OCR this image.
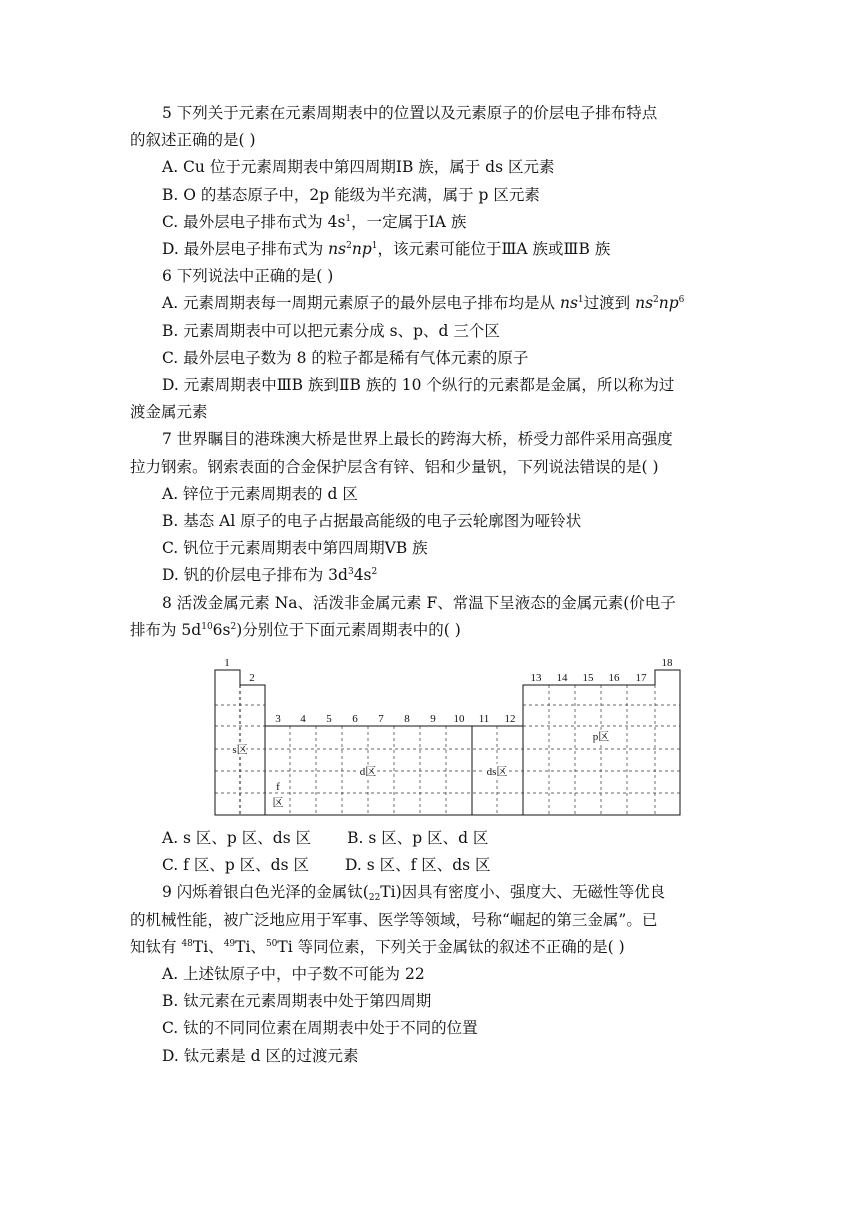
5 下列关于元素在元素周期表中的位置以及元素原子的价层电子排布特点
的叙述正确的是( )
A. Cu 位于元素周期表中第四周期ⅠB 族，属于 ds 区元素
B. O 的基态原子中，2p 能级为半充满，属于 p 区元素
C. 最外层电子排布式为 $4s^1$，一定属于ⅠA 族
D. 最外层电子排布式为 $ns^2np^1$，该元素可能位于ⅢA 族或ⅢB 族
6 下列说法中正确的是( )
A. 元素周期表每一周期元素原子的最外层电子排布均是从 $ns^1$过渡到 $ns^2np^6$
B. 元素周期表中可以把元素分成 s、p、d 三个区
C. 最外层电子数为 8 的粒子都是稀有气体元素的原子
D. 元素周期表中ⅢB 族到ⅡB 族的 10 个纵行的元素都是金属，所以称为过
渡金属元素
7 世界瞩目的港珠澳大桥是世界上最长的跨海大桥，桥受力部件采用高强度
拉力钢索。钢索表面的合金保护层含有锌、铝和少量钒，下列说法错误的是( )
A. 锌位于元素周期表的 d 区
B. 基态 Al 原子的电子占据最高能级的电子云轮廓图为哑铃状
C. 钒位于元素周期表中第四周期ⅤB 族
D. 钒的价层电子排布为 $3d^34s^2$
8 活泼金属元素 Na、活泼非金属元素 F、常温下呈液态的金属元素(价电子
排布为 $5d^{10}6s^2$)分别位于下面元素周期表中的( )
1
2
3 4 5 6 7 8 9 10 11 12
13 14 15 16 17
18
s区
d区	ds区
p区
f
区
A. s 区、p 区、ds 区 B. s 区、p 区、d 区
C. f 区、p 区、ds 区 D. s 区、f 区、ds 区
9 闪烁着银白色光泽的金属钛$(_{22}Ti)$因具有密度小、强度大、无磁性等优良
的机械性能，被广泛地应用于军事、医学等领域，号称“崛起的第三金属”。已
知钛有 $^{48}$Ti、$^{49}$Ti、$^{50}$Ti 等同位素，下列关于金属钛的叙述不正确的是( )
A. 上述钛原子中，中子数不可能为 22
B. 钛元素在元素周期表中处于第四周期
C. 钛的不同同位素在周期表中处于不同的位置
D. 钛元素是 d 区的过渡元素
